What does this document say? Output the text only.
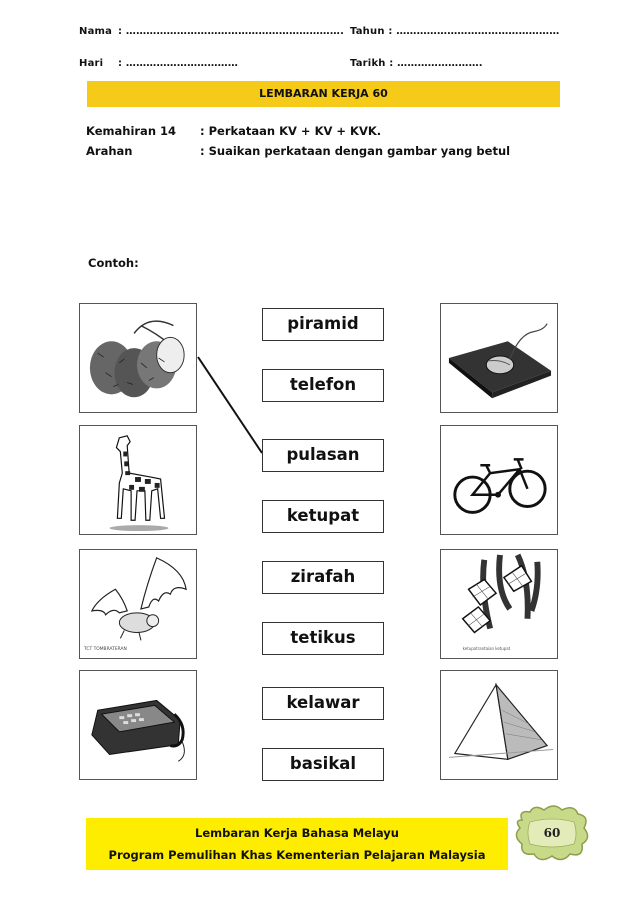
Nama : ………………………………………………………. Tahun : …………………………………………
Hari : ……………………………	Tarikh : …………………….
LEMBARAN KERJA 60
Kemahiran 14 : Perkataan KV + KV + KVK.
Arahan	: Suaikan perkataan dengan gambar yang betul
Contoh:
TCT TOMBRATERAN	ketupatrantaian ketupat
piramid
telefon
pulasan
ketupat
zirafah
tetikus
kelawar
basikal
Lembaran Kerja Bahasa Melayu
Program Pemulihan Khas Kementerian Pelajaran Malaysia
60
